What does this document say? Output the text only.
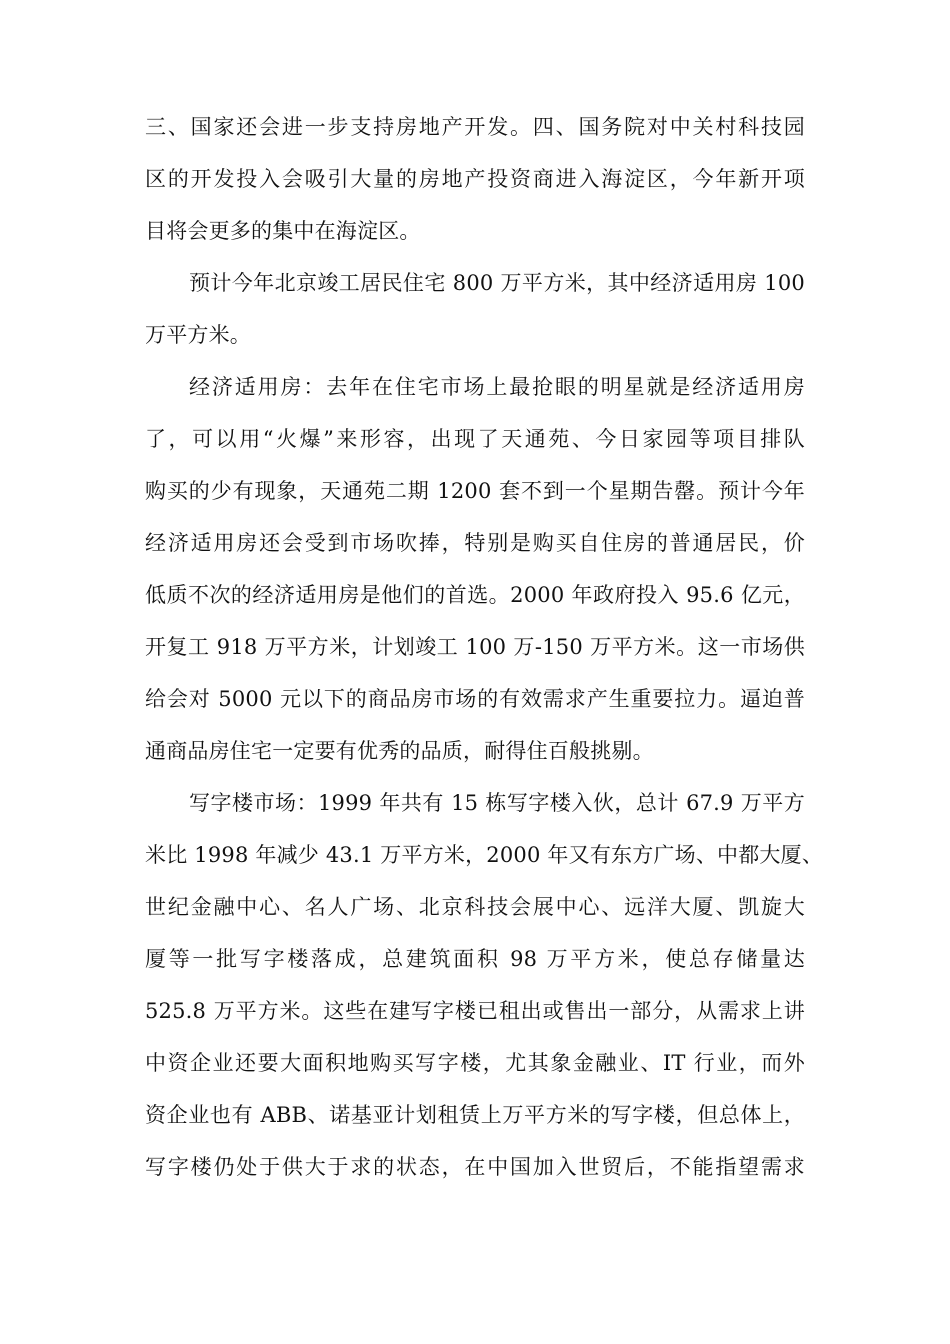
三、国家还会进一步支持房地产开发。四、国务院对中关村科技园
区的开发投入会吸引大量的房地产投资商进入海淀区，今年新开项
目将会更多的集中在海淀区。
预计今年北京竣工居民住宅 800 万平方米，其中经济适用房 100
万平方米。
经济适用房：去年在住宅市场上最抢眼的明星就是经济适用房
了，可以用“火爆”来形容，出现了天通苑、今日家园等项目排队
购买的少有现象，天通苑二期 1200 套不到一个星期告罄。预计今年
经济适用房还会受到市场吹捧，特别是购买自住房的普通居民，价
低质不次的经济适用房是他们的首选。2000 年政府投入 95.6 亿元，
开复工 918 万平方米，计划竣工 100 万-150 万平方米。这一市场供
给会对 5000 元以下的商品房市场的有效需求产生重要拉力。逼迫普
通商品房住宅一定要有优秀的品质，耐得住百般挑剔。
写字楼市场：1999 年共有 15 栋写字楼入伙，总计 67.9 万平方
米比 1998 年减少 43.1 万平方米，2000 年又有东方广场、中都大厦、
世纪金融中心、名人广场、北京科技会展中心、远洋大厦、凯旋大
厦等一批写字楼落成，总建筑面积 98 万平方米，使总存储量达
525.8 万平方米。这些在建写字楼已租出或售出一部分，从需求上讲
中资企业还要大面积地购买写字楼，尤其象金融业、IT 行业，而外
资企业也有 ABB、诺基亚计划租赁上万平方米的写字楼，但总体上，
写字楼仍处于供大于求的状态，在中国加入世贸后，不能指望需求
